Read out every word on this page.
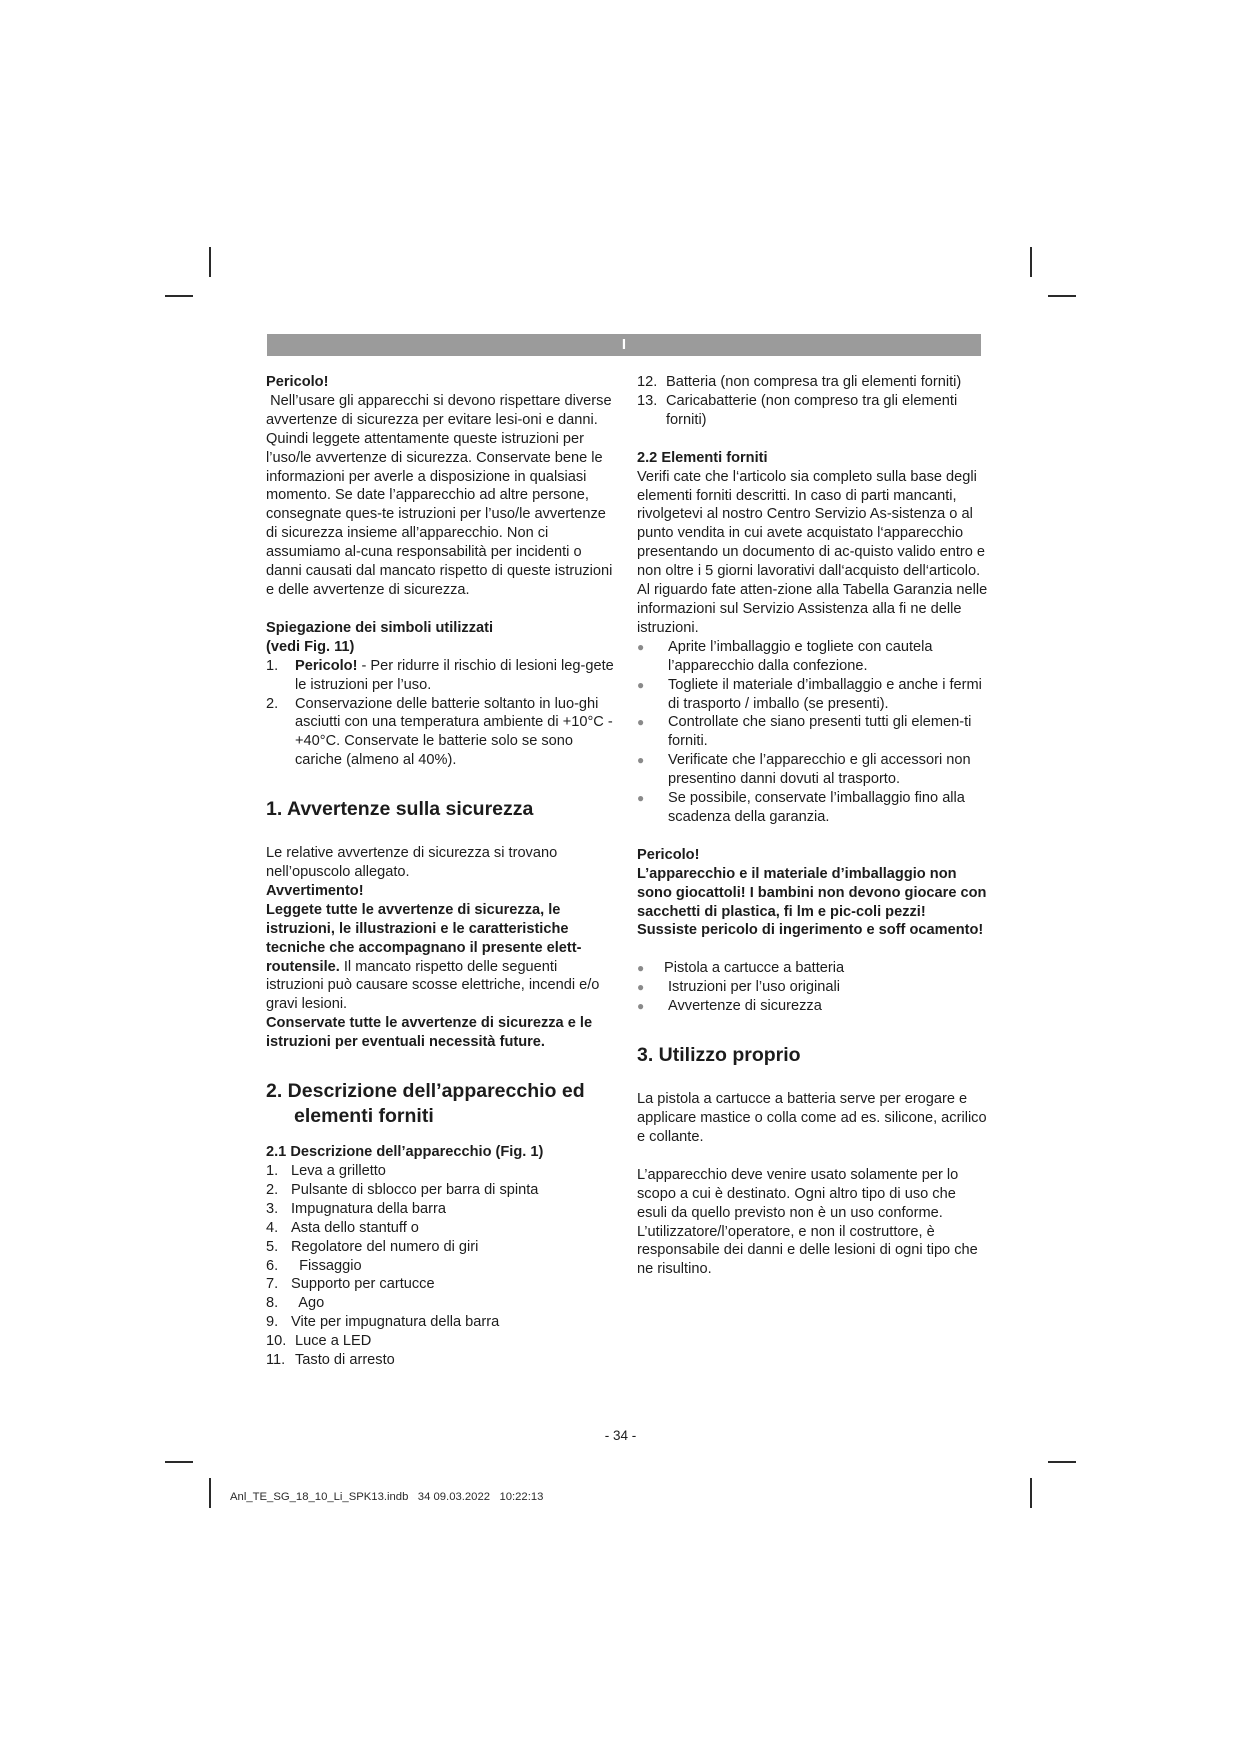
I

Pericolo!

Nell’usare gli apparecchi si devono rispettare diverse avvertenze di sicurezza per evitare lesi-oni e danni. Quindi leggete attentamente queste istruzioni per l’uso/le avvertenze di sicurezza. Conservate bene le informazioni per averle a disposizione in qualsiasi momento. Se date l’apparecchio ad altre persone, consegnate ques-te istruzioni per l’uso/le avvertenze di sicurezza insieme all’apparecchio. Non ci assumiamo al-cuna responsabilità per incidenti o danni causati dal mancato rispetto di queste istruzioni e delle avvertenze di sicurezza.

Spiegazione dei simboli utilizzati

(vedi Fig. 11)

1. Pericolo! - Per ridurre il rischio di lesioni leg-gete le istruzioni per l’uso.
2. Conservazione delle batterie soltanto in luo-ghi asciutti con una temperatura ambiente di +10°C - +40°C. Conservate le batterie solo se sono cariche (almeno al 40%).
1. Avvertenze sulla sicurezza

Le relative avvertenze di sicurezza si trovano nell’opuscolo allegato.

Avvertimento!

Leggete tutte le avvertenze di sicurezza, le istruzioni, le illustrazioni e le caratteristiche tecniche che accompagnano il presente elett-routensile. Il mancato rispetto delle seguenti istruzioni può causare scosse elettriche, incendi e/o gravi lesioni.

Conservate tutte le avvertenze di sicurezza e le istruzioni per eventuali necessità future.

2. Descrizione dell’apparecchio ed elementi forniti
2.1 Descrizione dell’apparecchio (Fig. 1)
1. Leva a grilletto
2. Pulsante di sblocco per barra di spinta
3. Impugnatura della barra
4. Asta dello stantuff o
5. Regolatore del numero di giri
6. Fissaggio
7. Supporto per cartucce
8. Ago
9. Vite per impugnatura della barra
10. Luce a LED
11. Tasto di arresto
12. Batteria (non compresa tra gli elementi forniti)
13. Caricabatterie (non compreso tra gli elementi forniti)
2.2 Elementi forniti

Verifi cate che l‘articolo sia completo sulla base degli elementi forniti descritti. In caso di parti mancanti, rivolgetevi al nostro Centro Servizio As-sistenza o al punto vendita in cui avete acquistato l‘apparecchio presentando un documento di ac-quisto valido entro e non oltre i 5 giorni lavorativi dall‘acquisto dell‘articolo. Al riguardo fate atten-zione alla Tabella Garanzia nelle informazioni sul Servizio Assistenza alla fi ne delle istruzioni.

● Aprite l’imballaggio e togliete con cautela l’apparecchio dalla confezione.
● Togliete il materiale d’imballaggio e anche i fermi di trasporto / imballo (se presenti).
● Controllate che siano presenti tutti gli elemen-ti forniti.
● Verificate che l’apparecchio e gli accessori non presentino danni dovuti al trasporto.
● Se possibile, conservate l’imballaggio fino alla scadenza della garanzia.

Pericolo!

L’apparecchio e il materiale d’imballaggio non sono giocattoli! I bambini non devono giocare con sacchetti di plastica, fi lm e pic-coli pezzi! Sussiste pericolo di ingerimento e soff ocamento!

● Pistola a cartucce a batteria
● Istruzioni per l’uso originali
● Avvertenze di sicurezza
3. Utilizzo proprio

La pistola a cartucce a batteria serve per erogare e applicare mastice o colla come ad es. silicone, acrilico e collante.

L’apparecchio deve venire usato solamente per lo scopo a cui è destinato. Ogni altro tipo di uso che esuli da quello previsto non è un uso conforme. L’utilizzatore/l’operatore, e non il costruttore, è responsabile dei danni e delle lesioni di ogni tipo che ne risultino.

- 34 -
Anl_TE_SG_18_10_Li_SPK13.indb   34 09.03.2022   10:22:13
